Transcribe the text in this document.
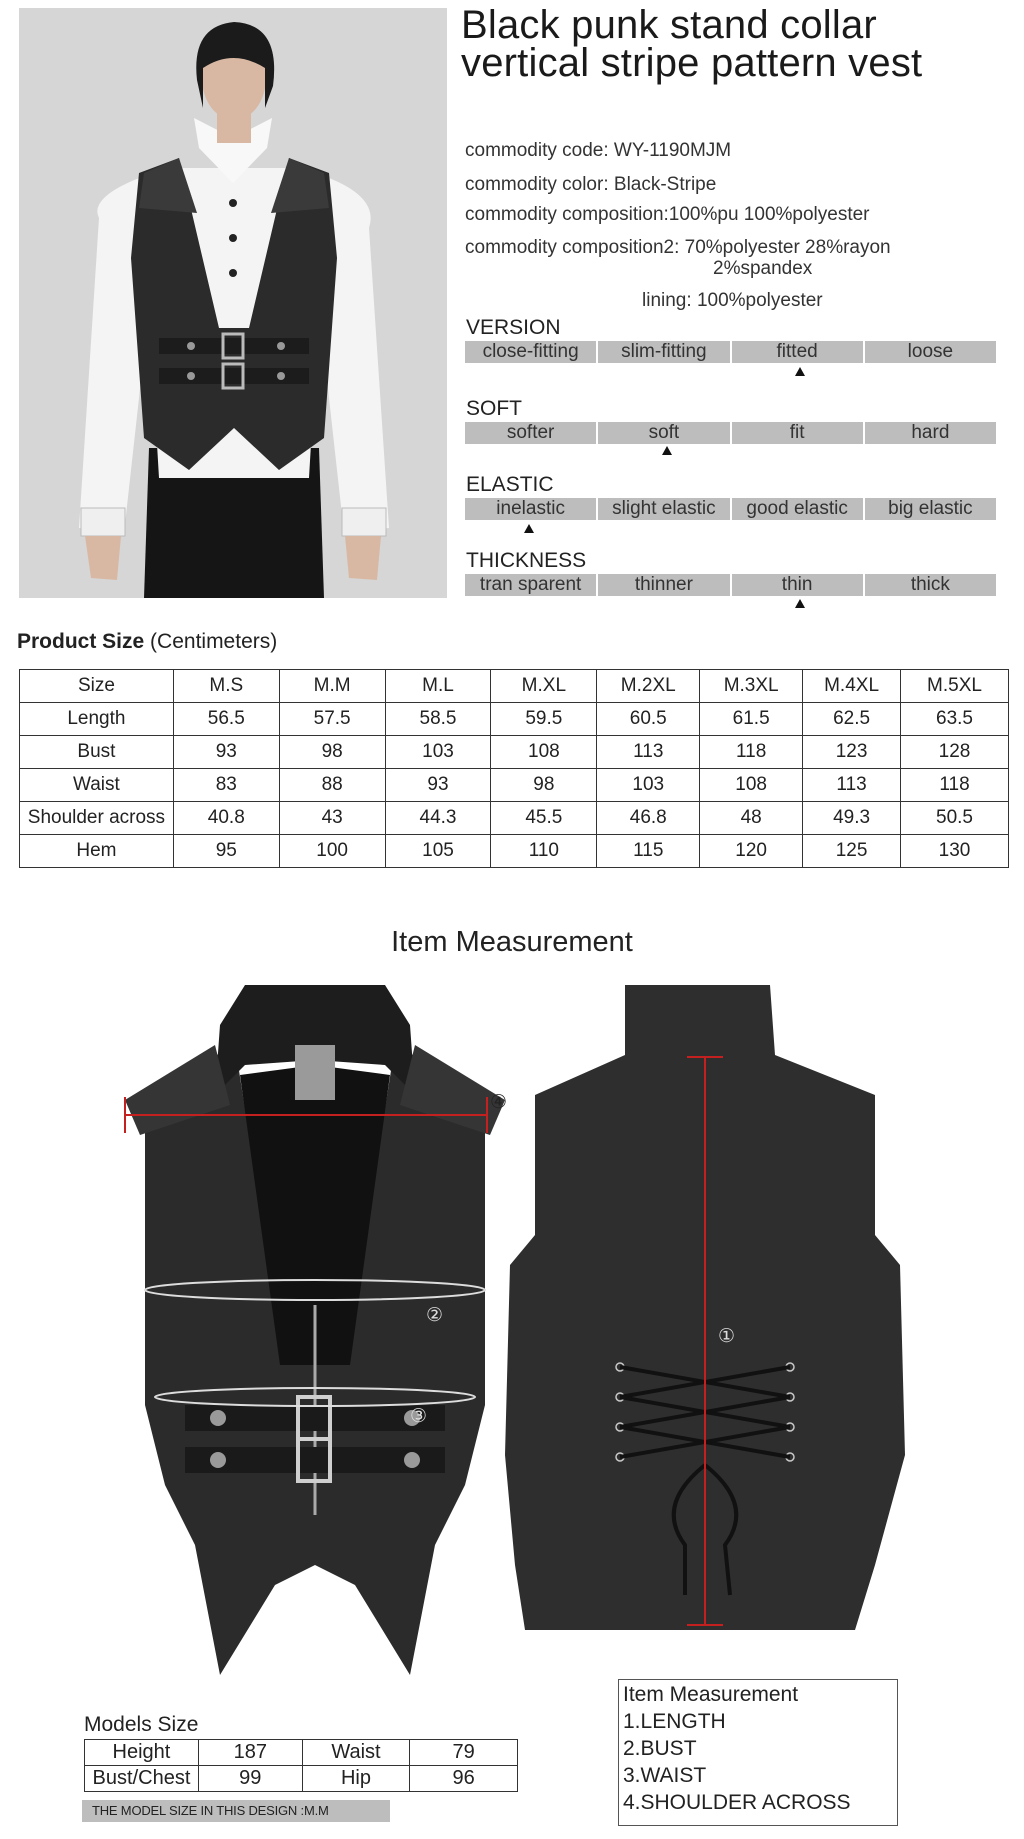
Black punk stand collar
vertical stripe pattern vest
commodity code: WY-1190MJM
commodity color: Black-Stripe
commodity composition:100%pu 100%polyester
commodity composition2: 70%polyester 28%rayon
2%spandex
lining: 100%polyester
VERSION
close-fitting	slim-fitting	fitted	loose
SOFT
softer	soft	fit	hard
ELASTIC
inelastic	slight elastic	good elastic	big elastic
THICKNESS
tran sparent	thinner	thin	thick
Product Size (Centimeters)
Size	M.S	M.M	M.L	M.XL	M.2XL	M.3XL	M.4XL	M.5XL
Length	56.5	57.5	58.5	59.5	60.5	61.5	62.5	63.5
Bust	93	98	103	108	113	118	123	128
Waist	83	88	93	98	103	108	113	118
Shoulder across	40.8	43	44.3	45.5	46.8	48	49.3	50.5
Hem	95	100	105	110	115	120	125	130
Item Measurement
④
②
③
①
Models Size
Height	187	Waist	79
Bust/Chest	99	Hip	96
THE MODEL SIZE IN THIS DESIGN :M.M
Item Measurement
1.LENGTH
2.BUST
3.WAIST
4.SHOULDER ACROSS
